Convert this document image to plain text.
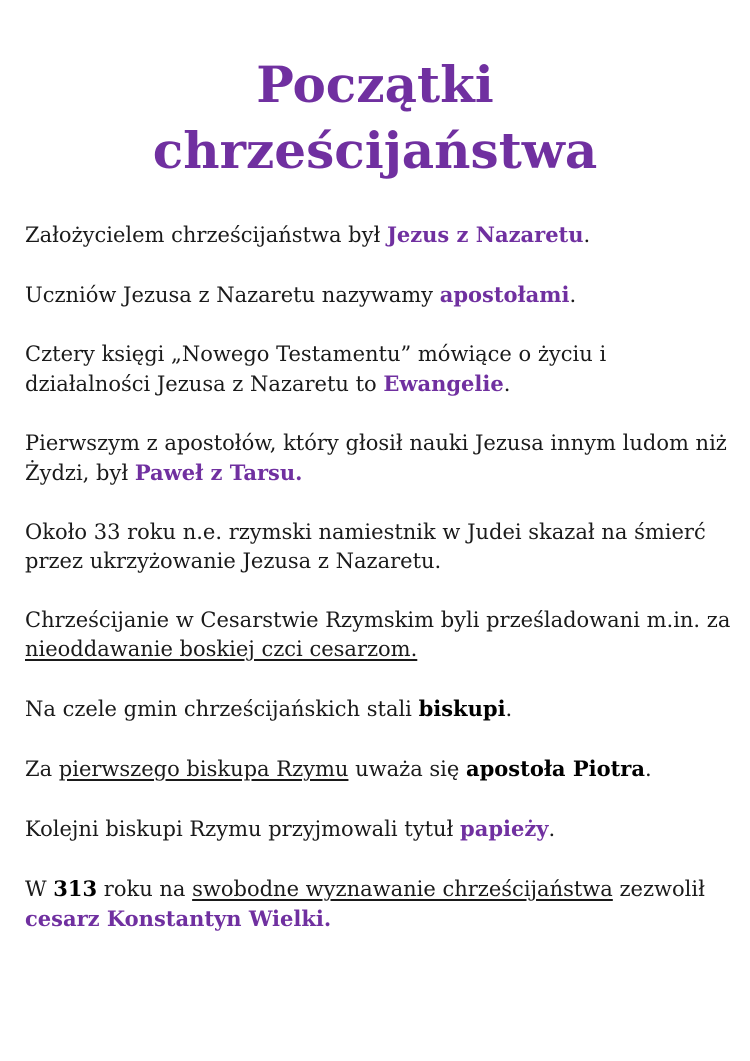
Początki
chrześcijaństwa

Założycielem chrześcijaństwa był Jezus z Nazaretu.

Uczniów Jezusa z Nazaretu nazywamy apostołami.

Cztery księgi „Nowego Testamentu” mówiące o życiu i działalności Jezusa z Nazaretu to Ewangelie.

Pierwszym z apostołów, który głosił nauki Jezusa innym ludom niż Żydzi, był Paweł z Tarsu.

Około 33 roku n.e. rzymski namiestnik w Judei skazał na śmierć przez ukrzyżowanie Jezusa z Nazaretu.

Chrześcijanie w Cesarstwie Rzymskim byli prześladowani m.in. za nieoddawanie boskiej czci cesarzom.

Na czele gmin chrześcijańskich stali biskupi.

Za pierwszego biskupa Rzymu uważa się apostoła Piotra.

Kolejni biskupi Rzymu przyjmowali tytuł papieży.

W 313 roku na swobodne wyznawanie chrześcijaństwa zezwolił cesarz Konstantyn Wielki.
